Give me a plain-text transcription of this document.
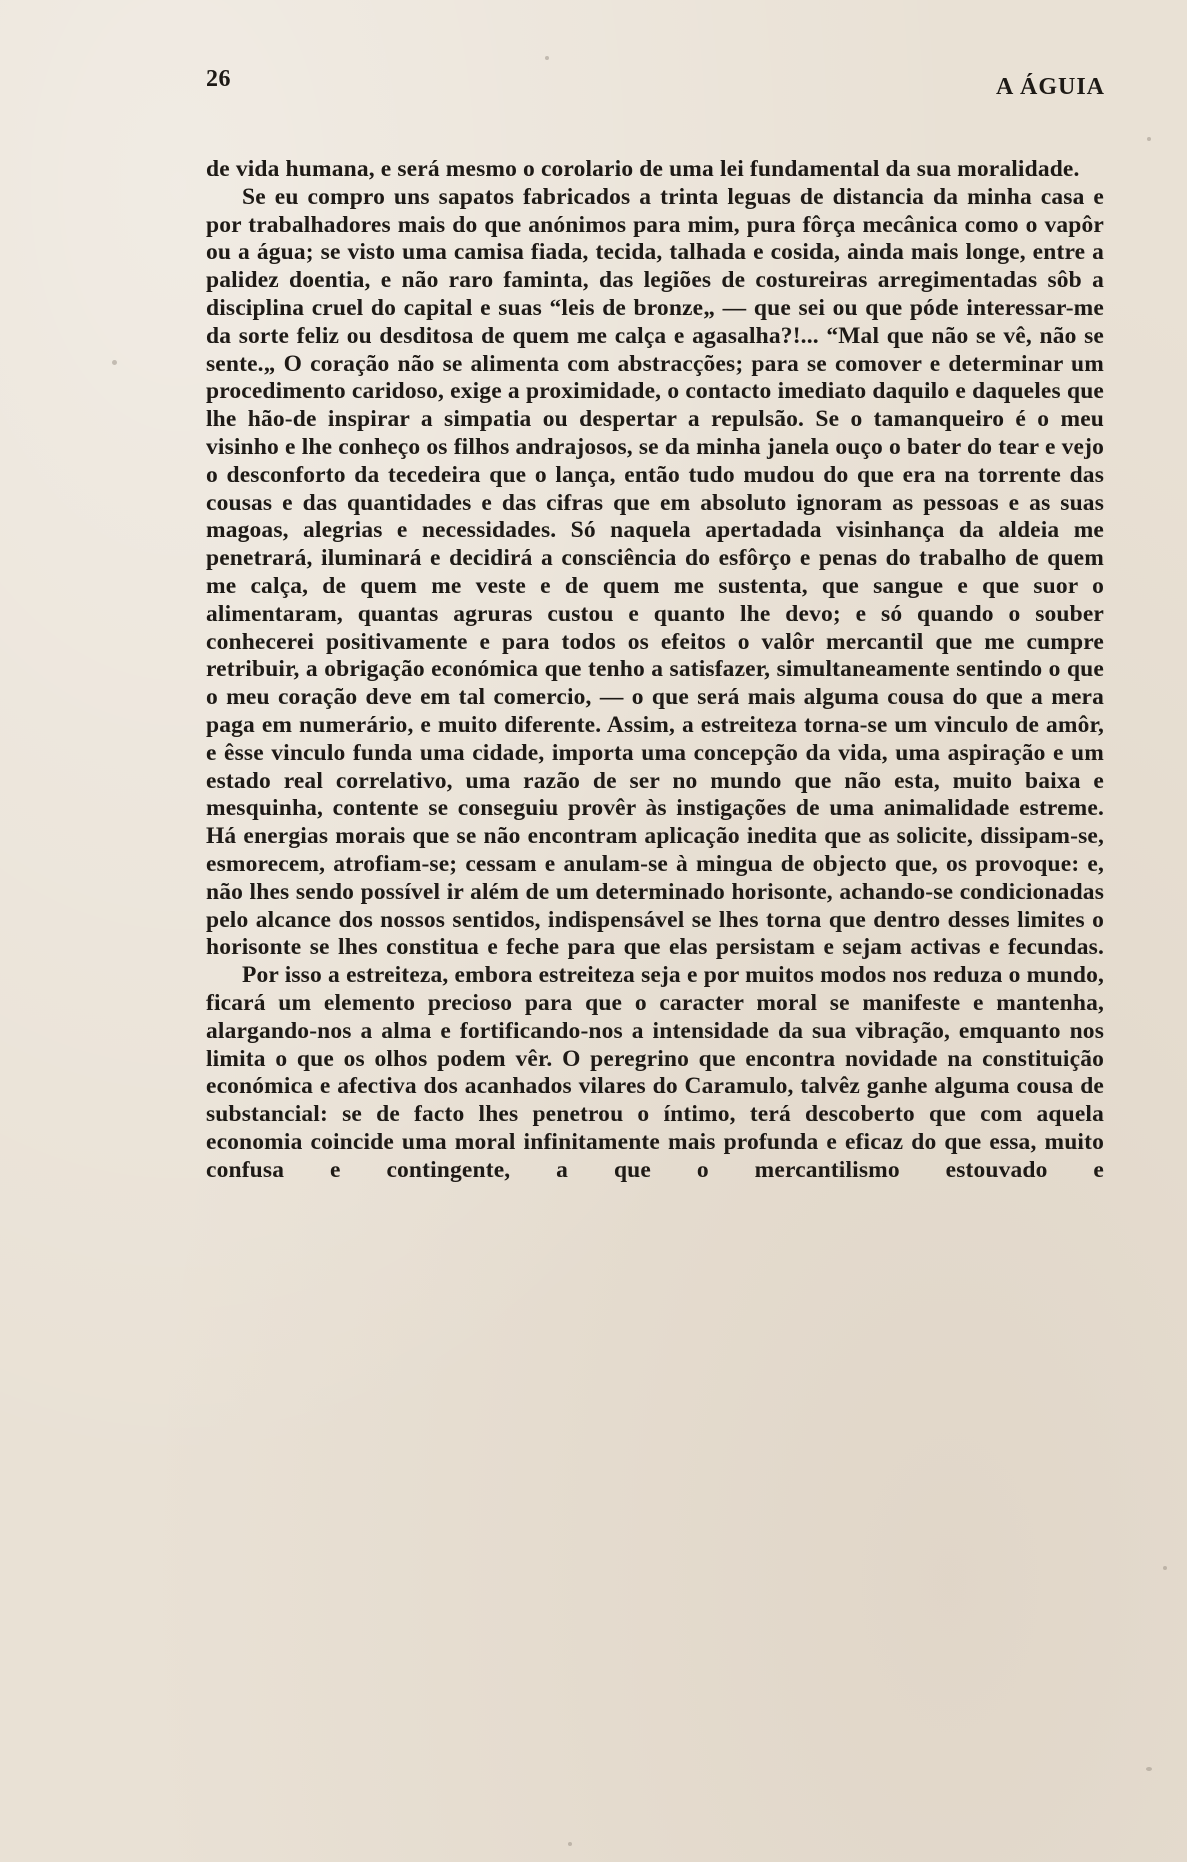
26	A ÁGUIA

de vida humana, e será mesmo o corolario de uma lei fundamental da sua moralidade.

Se eu compro uns sapatos fabricados a trinta leguas de distancia da minha casa e por trabalhadores mais do que anónimos para mim, pura fôrça mecânica como o vapôr ou a água; se visto uma camisa fiada, tecida, talhada e cosida, ainda mais longe, entre a palidez doentia, e não raro faminta, das legiões de costureiras arregimentadas sôb a disciplina cruel do capital e suas “leis de bronze„ — que sei ou que póde interessar-me da sorte feliz ou desditosa de quem me calça e agasalha?!... “Mal que não se vê, não se sente.„ O coração não se alimenta com abstracções; para se comover e determinar um procedimento caridoso, exige a proximidade, o contacto imediato daquilo e daqueles que lhe hão-de inspirar a simpatia ou despertar a repulsão. Se o tamanqueiro é o meu visinho e lhe conheço os filhos andrajosos, se da minha janela ouço o bater do tear e vejo o desconforto da tecedeira que o lança, então tudo mudou do que era na torrente das cousas e das quantidades e das cifras que em absoluto ignoram as pessoas e as suas magoas, alegrias e necessidades. Só naquela apertadada visinhança da aldeia me penetrará, iluminará e decidirá a consciência do esfôrço e penas do trabalho de quem me calça, de quem me veste e de quem me sustenta, que sangue e que suor o alimentaram, quantas agruras custou e quanto lhe devo; e só quando o souber conhecerei positivamente e para todos os efeitos o valôr mercantil que me cumpre retribuir, a obrigação económica que tenho a satisfazer, simultaneamente sentindo o que o meu coração deve em tal comercio, — o que será mais alguma cousa do que a mera paga em numerário, e muito diferente. Assim, a estreiteza torna-se um vinculo de amôr, e êsse vinculo funda uma cidade, importa uma concepção da vida, uma aspiração e um estado real correlativo, uma razão de ser no mundo que não esta, muito baixa e mesquinha, contente se conseguiu provêr às instigações de uma animalidade estreme. Há energias morais que se não encontram aplicação inedita que as solicite, dissipam-se, esmorecem, atrofiam-se; cessam e anulam-se à mingua de objecto que, os provoque: e, não lhes sendo possível ir além de um determinado horisonte, achando-se condicionadas pelo alcance dos nossos sentidos, indispensável se lhes torna que dentro desses limites o horisonte se lhes constitua e feche para que elas persistam e sejam activas e fecundas.

Por isso a estreiteza, embora estreiteza seja e por muitos modos nos reduza o mundo, ficará um elemento precioso para que o caracter moral se manifeste e mantenha, alargando-nos a alma e fortificando-nos a intensidade da sua vibração, emquanto nos limita o que os olhos podem vêr. O peregrino que encontra novidade na constituição económica e afectiva dos acanhados vilares do Caramulo, talvêz ganhe alguma cousa de substancial: se de facto lhes penetrou o íntimo, terá descoberto que com aquela economia coincide uma moral infinitamente mais profunda e eficaz do que essa, muito confusa e contingente, a que o mercantilismo estouvado e
